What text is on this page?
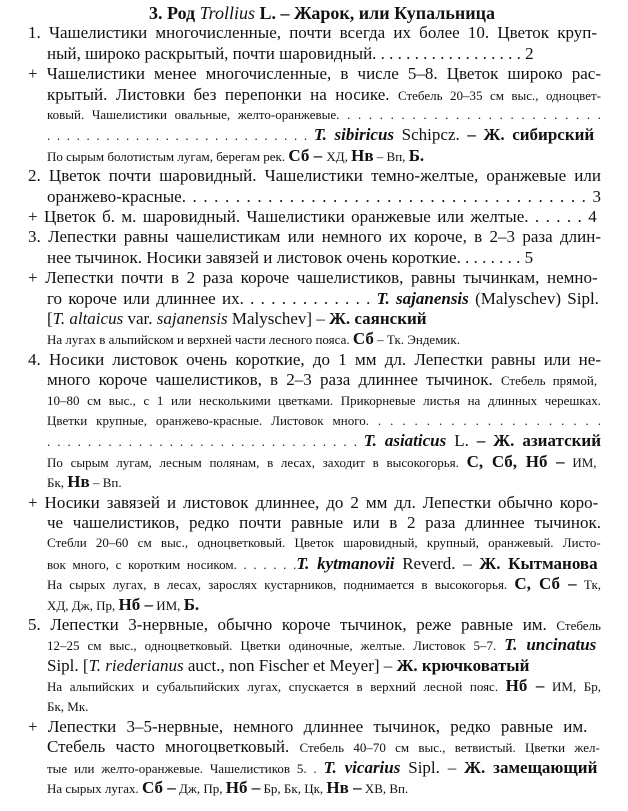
3. Род Trollius L. – Жарок, или Купальница
1. Чашелистики многочисленные, почти всегда их более 10. Цветок круп-
ный, широко раскрытый, почти шаровидный. . . . . . . . . . . . . . . . . . 2
+ Чашелистики менее многочисленные, в числе 5–8. Цветок широко рас-
крытый. Листовки без перепонки на носике. Стебель 20–35 см выс., одноцвет-
ковый. Чашелистики овальные, желто-оранжевые. . . . . . . . . . . . . . . . . . . . . . . . .
. . . . . . . . . . . . . . . . . . . . . . . . . . . T. sibiricus Schipcz. – Ж. сибирский
По сырым болотистым лугам, берегам рек. Сб – ХД, Нв – Вп, Б.
2. Цветок почти шаровидный. Чашелистики темно-желтые, оранжевые или
оранжево-красные. . . . . . . . . . . . . . . . . . . . . . . . . . . . . . . . . . . . . . 3
+ Цветок б. м. шаровидный. Чашелистики оранжевые или желтые. . . . . . 4
3. Лепестки равны чашелистикам или немного их короче, в 2–3 раза длин-
нее тычинок. Носики завязей и листовок очень короткие. . . . . . . . 5
+ Лепестки почти в 2 раза короче чашелистиков, равны тычинкам, немно-
го короче или длиннее их. . . . . . . . . . . . . T. sajanensis (Malyschev) Sipl.
[T. altaicus var. sajanensis Malyschev] – Ж. саянский
На лугах в альпийском и верхней части лесного пояса. Сб – Тк. Эндемик.
4. Носики листовок очень короткие, до 1 мм дл. Лепестки равны или не-
много короче чашелистиков, в 2–3 раза длиннее тычинок. Стебель прямой,
10–80 см выс., с 1 или несколькими цветками. Прикорневые листья на длинных черешках.
Цветки крупные, оранжево-красные. Листовок много. . . . . . . . . . . . . . . . . . . .
. . . . . . . . . . . . . . . . . . . . . . . . . . . . . . . T. asiaticus L. – Ж. азиатский
По сырым лугам, лесным полянам, в лесах, заходит в высокогорья. С, Сб, Нб – ИМ,
Бк, Нв – Вп.
+ Носики завязей и листовок длиннее, до 2 мм дл. Лепестки обычно коро-
че чашелистиков, редко почти равные или в 2 раза длиннее тычинок.
Стебли 20–60 см выс., одноцветковый. Цветок шаровидный, крупный, оранжевый. Листо-
вок много, с коротким носиком. . . . . . .T. kytmanovii Reverd. – Ж. Кытманова
На сырых лугах, в лесах, зарослях кустарников, поднимается в высокогорья. С, Сб – Тк,
ХД, Дж, Пр, Нб – ИМ, Б.
5. Лепестки 3-нервные, обычно короче тычинок, реже равные им. Стебель
12–25 см выс., одноцветковый. Цветки одиночные, желтые. Листовок 5–7. T. uncinatus
Sipl. [T. riederianus auct., non Fischer et Meyer] – Ж. крючковатый
На альпийских и субальпийских лугах, спускается в верхний лесной пояс. Нб – ИМ, Бр,
Бк, Мк.
+ Лепестки 3–5-нервные, немного длиннее тычинок, редко равные им.
Стебель часто многоцветковый. Стебель 40–70 см выс., ветвистый. Цветки жел-
тые или желто-оранжевые. Чашелистиков 5. . T. vicarius Sipl. – Ж. замещающий
На сырых лугах. Сб – Дж, Пр, Нб – Бр, Бк, Цк, Нв – ХВ, Вп.
